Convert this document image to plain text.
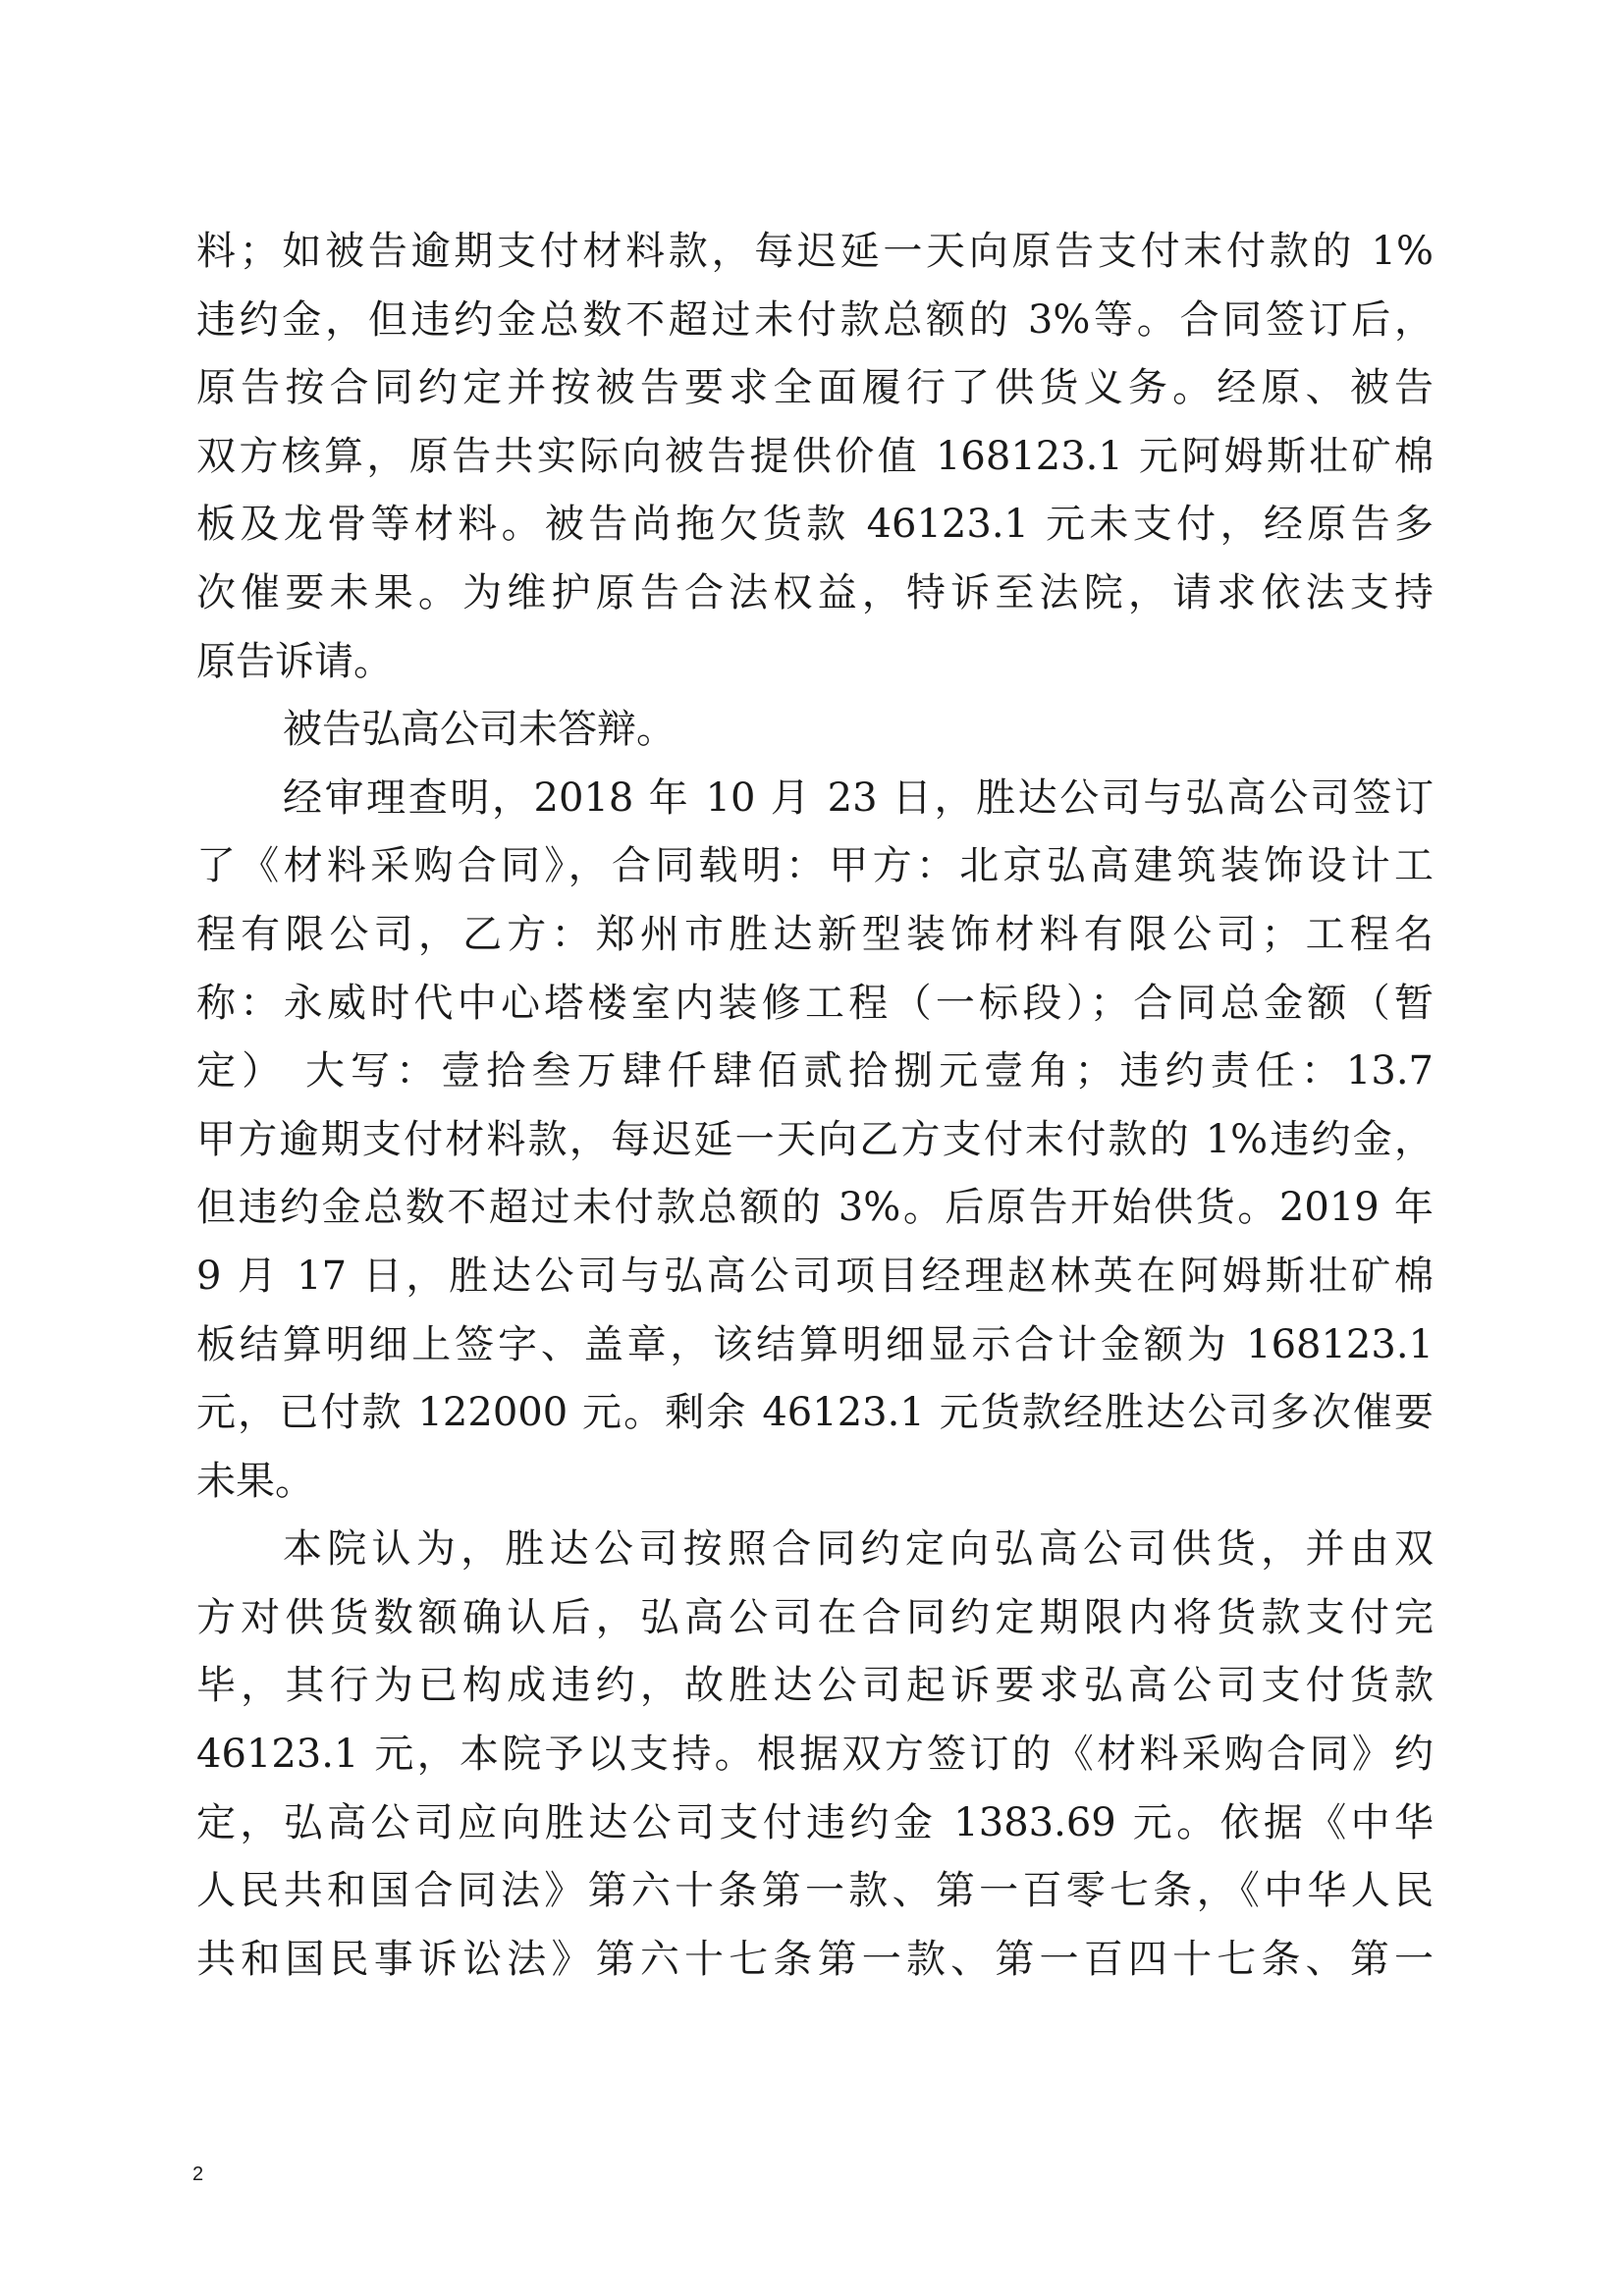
料；如被告逾期支付材料款，每迟延一天向原告支付末付款的 1%
违约金，但违约金总数不超过未付款总额的 3%等。合同签订后，
原告按合同约定并按被告要求全面履行了供货义务。经原、被告
双方核算，原告共实际向被告提供价值 168123.1 元阿姆斯壮矿棉
板及龙骨等材料。被告尚拖欠货款 46123.1 元未支付，经原告多
次催要未果。为维护原告合法权益，特诉至法院，请求依法支持
原告诉请。
被告弘高公司未答辩。
经审理查明，2018 年 10 月 23 日，胜达公司与弘高公司签订
了《材料采购合同》，合同载明：甲方：北京弘高建筑装饰设计工
程有限公司，乙方：郑州市胜达新型装饰材料有限公司；工程名
称：永威时代中心塔楼室内装修工程（一标段）；合同总金额（暂
定） 大写：壹拾叁万肆仟肆佰贰拾捌元壹角；违约责任：13.7
甲方逾期支付材料款，每迟延一天向乙方支付末付款的 1%违约金，
但违约金总数不超过未付款总额的 3%。后原告开始供货。2019 年
9 月 17 日，胜达公司与弘高公司项目经理赵林英在阿姆斯壮矿棉
板结算明细上签字、盖章，该结算明细显示合计金额为 168123.1
元，已付款 122000 元。剩余 46123.1 元货款经胜达公司多次催要
未果。
本院认为，胜达公司按照合同约定向弘高公司供货，并由双
方对供货数额确认后，弘高公司在合同约定期限内将货款支付完
毕，其行为已构成违约，故胜达公司起诉要求弘高公司支付货款
46123.1 元，本院予以支持。根据双方签订的《材料采购合同》约
定，弘高公司应向胜达公司支付违约金 1383.69 元。依据《中华
人民共和国合同法》第六十条第一款、第一百零七条，《中华人民
共和国民事诉讼法》第六十七条第一款、第一百四十七条、第一
2
